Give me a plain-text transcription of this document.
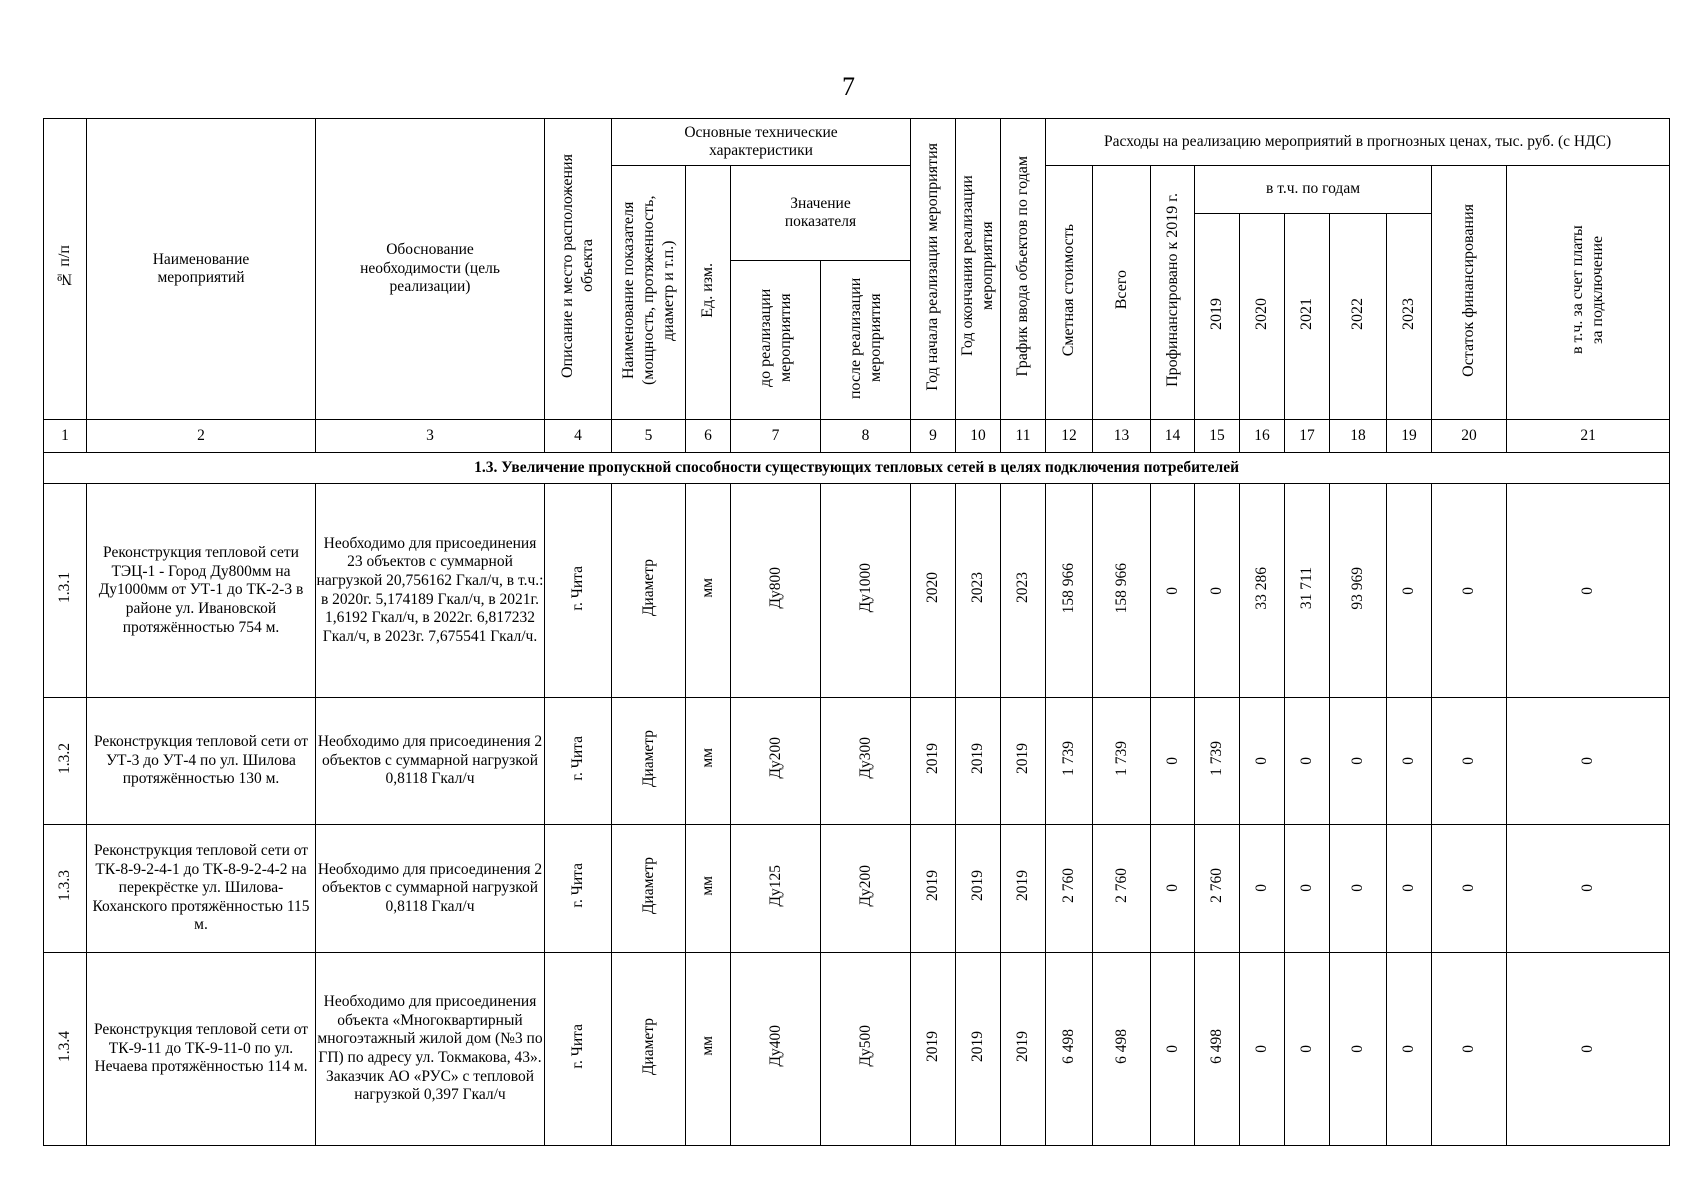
7
№ п/п	Наименование мероприятий	Обоснование необходимости (цель реализации)	Описание и место расположения объекта	Основные технические характеристики				Год начала реализации мероприятия	Год окончания реализации мероприятия	График ввода объектов по годам	Расходы на реализацию мероприятий в прогнозных ценах, тыс. руб. (с НДС)									
				Наименование показателя (мощность, протяженность, диаметр и т.п.)	Ед. изм.	Значение показателя					Сметная стоимость	Всего	Профинансировано к 2019 г.	в т.ч. по годам					Остаток финансирования	в т.ч. за счет платы за подключение
														2019	2020	2021	2022	2023		
						до реализации мероприятия	после реализации мероприятия													
1	2	3	4	5	6	7	8	9	10	11	12	13	14	15	16	17	18	19	20	21
1.3. Увеличение пропускной способности существующих тепловых сетей в целях подключения потребителей																				
1.3.1	Реконструкция тепловой сети ТЭЦ-1 - Город Ду800мм на Ду1000мм от УТ-1 до ТК-2-3 в районе ул. Ивановской протяжённостью 754 м.	Необходимо для присоединения 23 объектов с суммарной нагрузкой 20,756162 Гкал/ч, в т.ч.: в 2020г. 5,174189 Гкал/ч, в 2021г. 1,6192 Гкал/ч, в 2022г. 6,817232 Гкал/ч, в 2023г. 7,675541 Гкал/ч.	г. Чита	Диаметр	мм	Ду800	Ду1000	2020	2023	2023	158 966	158 966	0	0	33 286	31 711	93 969	0	0	0
1.3.2	Реконструкция тепловой сети от УТ-3 до УТ-4 по ул. Шилова протяжённостью 130 м.	Необходимо для присоединения 2 объектов с суммарной нагрузкой 0,8118 Гкал/ч	г. Чита	Диаметр	мм	Ду200	Ду300	2019	2019	2019	1 739	1 739	0	1 739	0	0	0	0	0	0
1.3.3	Реконструкция тепловой сети от ТК-8-9-2-4-1 до ТК-8-9-2-4-2 на перекрёстке ул. Шилова-Коханского протяжённостью 115 м.	Необходимо для присоединения 2 объектов с суммарной нагрузкой 0,8118 Гкал/ч	г. Чита	Диаметр	мм	Ду125	Ду200	2019	2019	2019	2 760	2 760	0	2 760	0	0	0	0	0	0
1.3.4	Реконструкция тепловой сети от ТК-9-11 до ТК-9-11-0 по ул. Нечаева протяжённостью 114 м.	Необходимо для присоединения объекта «Многоквартирный многоэтажный жилой дом (№3 по ГП) по адресу ул. Токмакова, 43». Заказчик АО «РУС» с тепловой нагрузкой 0,397 Гкал/ч	г. Чита	Диаметр	мм	Ду400	Ду500	2019	2019	2019	6 498	6 498	0	6 498	0	0	0	0	0	0
